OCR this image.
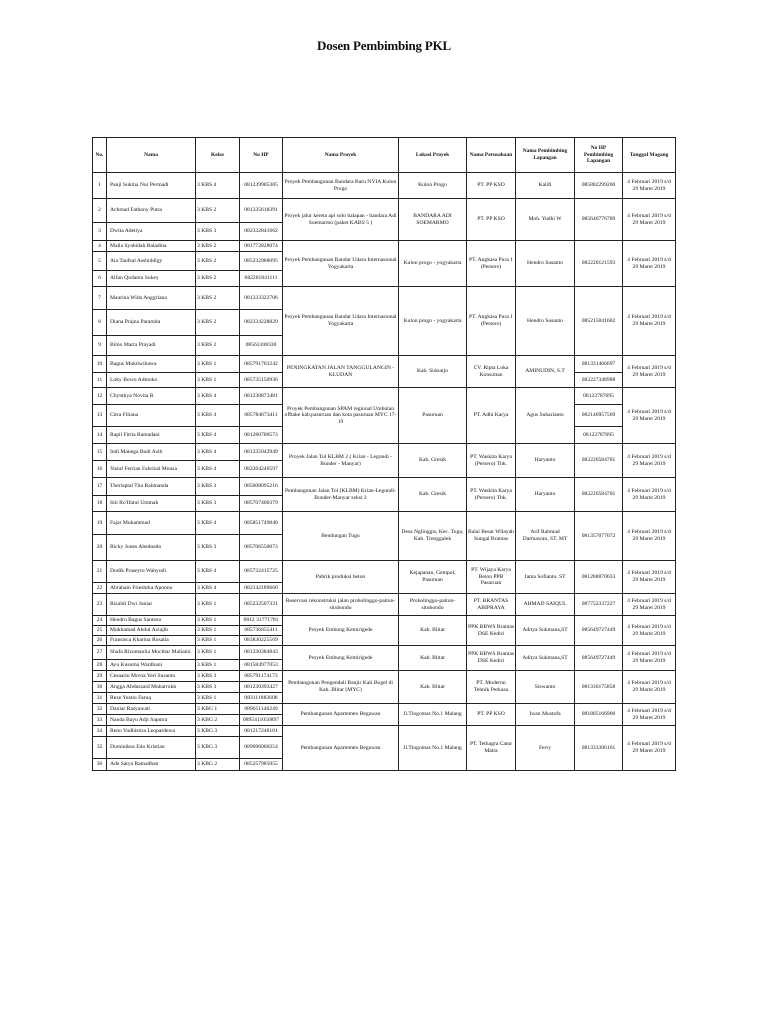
Dosen Pembimbing PKL
No.	Nama	Kelas	No HP	Nama Proyek	Lokasi Proyek	Nama Perusahaan	Nama Pembimbing Lapangan	No HP Pembimbing Lapangan	Tanggal Magang
1	Panji Sukma Nur Permadi	3 KBS 4	081239905385	Proyek Pembangunan Bandara Baru NYIA Kulon Progo	Kulon Progo	PT. PP KSO	Kalifi	085882299200	4 Februari 2019 s/d 29 Maret 2019
2	Achmad Fathony Putra	3 KBS 2	081335618391	Proyek jalur kereta api solo balapan - bandara Adi Soemarmo (paket KABS 5 )	BANDARA ADI SOEMARMO	PT. PP KSO	Moh. Yudhi W	085640776789	4 Februari 2019 s/d 29 Maret 2019
3	Dwita Adetiya	3 KBS 3	082332841662						
4	Maila Syahidah Baladina	3 KBS 2	081772828074	Proyek Pembangunan Bandar Udara Internasional Yogyakarta	Kulon progo - yogyakarta	PT. Angkasa Pura 1 (Persero)	Hendro Susanto	082220121593	4 Februari 2019 s/d 29 Maret 2019
5	Aia Taufsal Asshiddigy	3 KBS 2	085232988095						
6	Alfan Qodamu Sukey	3 KBS 2	082281841111						
7	Maurina Wida Anggriana	3 KBS 2	081333322706	Proyek Pembangunan Bandar Udara Internasional Yogyakarta	Kulon progo - yogyakarta	PT. Angkasa Pura 1 (Persero)	Hendro Susanto	085215841602	4 Februari 2019 s/d 29 Maret 2019
8	Diana Prajna Paramita	3 KBS 2	082334228829						
9	Bimo Marta Prayadi	3 KBS 2	08563108330						
10	Bagus Muktiwibawa	3 KBS 1	085791763242	PENINGKATAN JALAN TANGGULANGIN - KLUDAN	Kab. Sidoarjo	CV. Ripta Loka Konsultan	AMINUDIN, S.T	081331466697	4 Februari 2019 s/d 29 Maret 2019
11	Luky Bowo Admoko	3 KBS 1	085735150936					082227348988	
12	Chynthya Novita R	3 KBS 4	081230873481	Proyek Pembangunan SPAM regional Umbulan offtake kab.pasuruan dan kota pasuruan MYC 17-19	Pasuruan	PT. Adhi Karya	Agus Suharianto	08123787695	4 Februari 2019 s/d 29 Maret 2019
13	Citra Filiana	3 KBS 4	085784673411					082146957569	
14	Rapil Fitria Ramadani	3 KBS 4	081280706573					08123787695	
15	Indi Manega Budi Asih	3 KBS 4	081335042949	Proyek Jalan Tol KLBM 2 ( Krian - Legundi - Bunder - Manyar)	Kab. Gresik	PT. Waskita Karya (Persero) Tbk.	Haryanto	082226584701	4 Februari 2019 s/d 29 Maret 2019
16	Yusuf Ferrian Fahrizal Mousa	3 KBS 4	082264240597						
17	Theriaptal Tita Rahmanda	3 KBS 3	085608095216	Pembangunan Jalan Tol (KLBM) Krian-Legundi-Bunder-Manyar seksi 2	Kab. Gresik	PT. Waskita Karya (Persero) Tbk.	Haryanto	082226584701	4 Februari 2019 s/d 29 Maret 2019
18	Siti Ro'Ifatul Ummah	3 KBS 3	085707400379						
19	Fajar Muhammad	3 KBS 4	085851749840	Bendungan Tugu	Desa Nglinggis, Kec. Tugu, Kab. Trenggalek	Balai Besar Wilayah Sungai Brantas	Arif Rahmad Darmawan, ST. MT	081357077072	4 Februari 2019 s/d 29 Maret 2019
20	Ricky Jones Abednedo	3 KBS 3	085706550073						
21	Dodik Praseyto Wahyudi	3 KBS 4	085732415725	Pabrik produksi beton	Kejapanan, Gempol, Pasuruan	PT. Wijaya Karya Beton PPB Pasuruan	Jama Sofianto. ST	081288870033	4 Februari 2019 s/d 29 Maret 2019
22	Abraham Frieshrka Aponno	3 KBS 4	082142189660						
23	Rizaldi Dwi Juniar	3 KBS 1	085232507331	Reservasi rekonstruksi jalan probolinggo-paiton-situbondo	Probolinggo-paiton-situbondo	PT. BRANTAS ABIPRAYA	AHMAD SAIQUL	087752337227	4 Februari 2019 s/d 29 Maret 2019
24	Hendru Bagus Santoso	3 KBS 1	0812 31771781	Proyek Embung Kemirigede	Kab. Blitar	PPK BBWS Brantas DSE Kediri	Aditya Sukmana,ST	085649727449	4 Februari 2019 s/d 29 Maret 2019
25	Mukhamad Abdul Aziajib	3 KBS 1	085736855411						
26	Fransisca Kharina Rosalia	3 KBS 1	083830225569						
27	Shafa Rizomaulia Mochtar Maliaini	3 KBS 1	081330384843	Proyek Embung Kemirigede	Kab. Blitar	PPK BBWS Brantas DSE Kediri	Aditya Sukmana,ST	085649727449	4 Februari 2019 s/d 29 Maret 2019
28	Ayu Kusuma Wardhani	3 KBS 1	081584977053						
29	Cesaario Movta Yeri Susanto	3 KBS 3	085791174173	Pembangunan Pengendali Banjir Kali Bogel di Kab. Blitar (MYC)	Kab. Blitar	PT. Modernn Tehnik Perkasa	Siswanto	081336175858	4 Februari 2019 s/d 29 Maret 2019
30	Angga Abdussaid Muharrokh	3 KBS 3	081230393427						
31	Reze Yustio Faruq	3 KBS 1	083111882608						
32	Daniar Rasyawati	3 KBG 1	089651146249	Pembangunan Apartemen Begawan	Jl.Tlogomas No.1 Malang	PT. PP KSO	Iwan Mustofa	081805166900	4 Februari 2019 s/d 29 Maret 2019
33	Nanda Bayu Adji Saputra	3 KBG 2	0895411056897						
34	Reno Yudhistira Leopardewa	3 KBG 3	081217248101	Pembangunan Apartemen Begawan	Jl.Tlogomas No.1 Malang	PT. Tethagra Catur Matra	Ferry	081333396161	4 Februari 2019 s/d 29 Maret 2019
35	Dominikus Edo Kristian	3 KBG 3	089696060254						
36	Ade Satya Ramadhan	3 KBG 2	085257985055						
